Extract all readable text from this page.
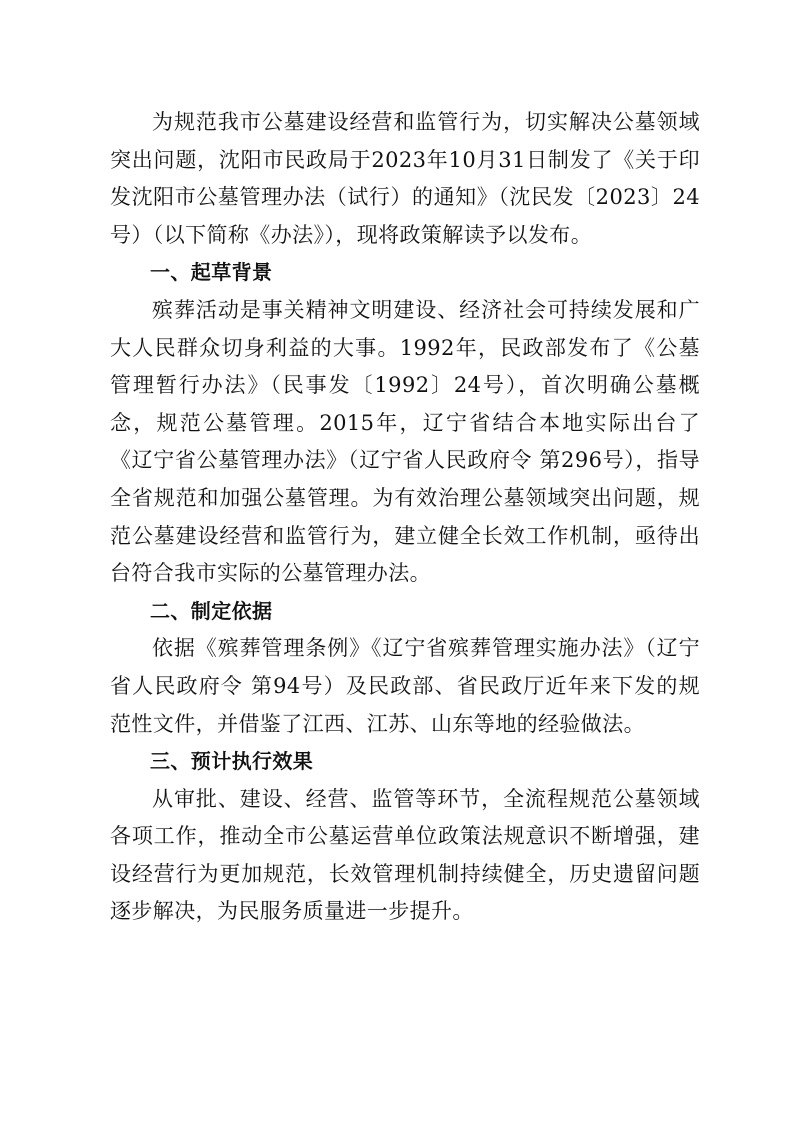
为规范我市公墓建设经营和监管行为，切实解决公墓领域突出问题，沈阳市民政局于2023年10月31日制发了《关于印发沈阳市公墓管理办法（试行）的通知》（沈民发〔2023〕24号）（以下简称《办法》），现将政策解读予以发布。

一、起草背景

殡葬活动是事关精神文明建设、经济社会可持续发展和广大人民群众切身利益的大事。1992年，民政部发布了《公墓管理暂行办法》（民事发〔1992〕24号），首次明确公墓概念，规范公墓管理。2015年，辽宁省结合本地实际出台了《辽宁省公墓管理办法》（辽宁省人民政府令 第296号），指导全省规范和加强公墓管理。为有效治理公墓领域突出问题，规范公墓建设经营和监管行为，建立健全长效工作机制，亟待出台符合我市实际的公墓管理办法。

二、制定依据

依据《殡葬管理条例》《辽宁省殡葬管理实施办法》（辽宁省人民政府令 第94号）及民政部、省民政厅近年来下发的规范性文件，并借鉴了江西、江苏、山东等地的经验做法。

三、预计执行效果

从审批、建设、经营、监管等环节，全流程规范公墓领域各项工作，推动全市公墓运营单位政策法规意识不断增强，建设经营行为更加规范，长效管理机制持续健全，历史遗留问题逐步解决，为民服务质量进一步提升。
